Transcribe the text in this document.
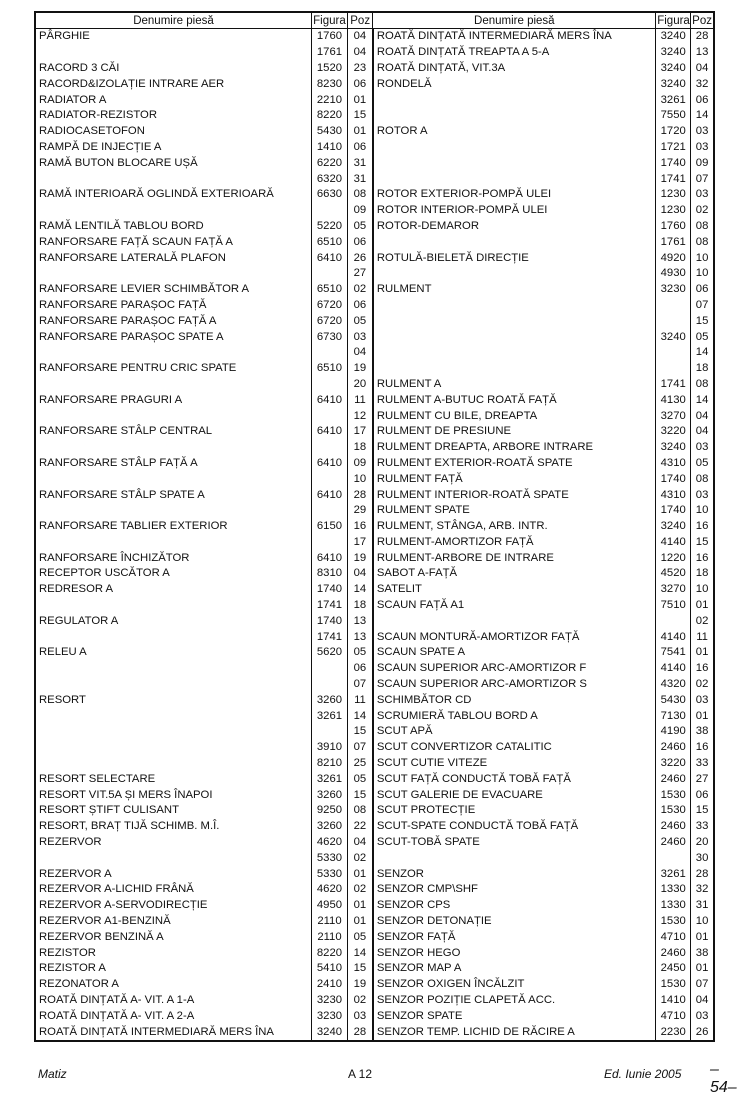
Denumire piesă	Figura	Poz	Denumire piesă	Figura	Poz
PÂRGHIE	1760	04	ROATĂ DINȚATĂ INTERMEDIARĂ MERS ÎNA	3240	28
	1761	04	ROATĂ DINȚATĂ TREAPTA A 5-A	3240	13
RACORD 3 CĂI	1520	23	ROATĂ DINȚATĂ, VIT.3A	3240	04
RACORD&IZOLAȚIE INTRARE AER	8230	06	RONDELĂ	3240	32
RADIATOR A	2210	01		3261	06
RADIATOR-REZISTOR	8220	15		7550	14
RADIOCASETOFON	5430	01	ROTOR A	1720	03
RAMPĂ DE INJECȚIE A	1410	06		1721	03
RAMĂ BUTON BLOCARE UȘĂ	6220	31		1740	09
	6320	31		1741	07
RAMĂ INTERIOARĂ OGLINDĂ EXTERIOARĂ	6630	08	ROTOR EXTERIOR-POMPĂ ULEI	1230	03
		09	ROTOR INTERIOR-POMPĂ ULEI	1230	02
RAMĂ LENTILĂ TABLOU BORD	5220	05	ROTOR-DEMAROR	1760	08
RANFORSARE FAȚĂ SCAUN FAȚĂ A	6510	06		1761	08
RANFORSARE LATERALĂ PLAFON	6410	26	ROTULĂ-BIELETĂ DIRECȚIE	4920	10
		27		4930	10
RANFORSARE LEVIER SCHIMBĂTOR A	6510	02	RULMENT	3230	06
RANFORSARE PARAȘOC FAȚĂ	6720	06			07
RANFORSARE PARAȘOC FAȚĂ A	6720	05			15
RANFORSARE PARAȘOC SPATE A	6730	03		3240	05
		04			14
RANFORSARE PENTRU CRIC SPATE	6510	19			18
		20	RULMENT A	1741	08
RANFORSARE PRAGURI A	6410	11	RULMENT A-BUTUC ROATĂ FAȚĂ	4130	14
		12	RULMENT CU BILE, DREAPTA	3270	04
RANFORSARE STÂLP CENTRAL	6410	17	RULMENT DE PRESIUNE	3220	04
		18	RULMENT DREAPTA, ARBORE INTRARE	3240	03
RANFORSARE STÂLP FAȚĂ A	6410	09	RULMENT EXTERIOR-ROATĂ SPATE	4310	05
		10	RULMENT FAȚĂ	1740	08
RANFORSARE STÂLP SPATE A	6410	28	RULMENT INTERIOR-ROATĂ SPATE	4310	03
		29	RULMENT SPATE	1740	10
RANFORSARE TABLIER EXTERIOR	6150	16	RULMENT, STÂNGA, ARB. INTR.	3240	16
		17	RULMENT-AMORTIZOR FAȚĂ	4140	15
RANFORSARE ÎNCHIZĂTOR	6410	19	RULMENT-ARBORE DE INTRARE	1220	16
RECEPTOR USCĂTOR A	8310	04	SABOT A-FAȚĂ	4520	18
REDRESOR A	1740	14	SATELIT	3270	10
	1741	18	SCAUN FAȚĂ A1	7510	01
REGULATOR A	1740	13			02
	1741	13	SCAUN MONTURĂ-AMORTIZOR FAȚĂ	4140	11
RELEU A	5620	05	SCAUN SPATE A	7541	01
		06	SCAUN SUPERIOR ARC-AMORTIZOR F	4140	16
		07	SCAUN SUPERIOR ARC-AMORTIZOR S	4320	02
RESORT	3260	11	SCHIMBĂTOR CD	5430	03
	3261	14	SCRUMIERĂ TABLOU BORD A	7130	01
		15	SCUT APĂ	4190	38
	3910	07	SCUT CONVERTIZOR CATALITIC	2460	16
	8210	25	SCUT CUTIE VITEZE	3220	33
RESORT SELECTARE	3261	05	SCUT FAȚĂ CONDUCTĂ TOBĂ FAȚĂ	2460	27
RESORT VIT.5A ȘI MERS ÎNAPOI	3260	15	SCUT GALERIE DE EVACUARE	1530	06
RESORT ȘTIFT CULISANT	9250	08	SCUT PROTECȚIE	1530	15
RESORT, BRAȚ TIJĂ SCHIMB. M.Î.	3260	22	SCUT-SPATE CONDUCTĂ TOBĂ FAȚĂ	2460	33
REZERVOR	4620	04	SCUT-TOBĂ SPATE	2460	20
	5330	02			30
REZERVOR A	5330	01	SENZOR	3261	28
REZERVOR A-LICHID FRÂNĂ	4620	02	SENZOR CMP\SHF	1330	32
REZERVOR A-SERVODIRECȚIE	4950	01	SENZOR CPS	1330	31
REZERVOR A1-BENZINĂ	2110	01	SENZOR DETONAȚIE	1530	10
REZERVOR BENZINĂ A	2110	05	SENZOR FAȚĂ	4710	01
REZISTOR	8220	14	SENZOR HEGO	2460	38
REZISTOR A	5410	15	SENZOR MAP A	2450	01
REZONATOR A	2410	19	SENZOR OXIGEN ÎNCĂLZIT	1530	07
ROATĂ DINȚATĂ A- VIT. A 1-A	3230	02	SENZOR POZIȚIE CLAPETĂ ACC.	1410	04
ROATĂ DINȚATĂ A- VIT. A 2-A	3230	03	SENZOR SPATE	4710	03
ROATĂ DINȚATĂ INTERMEDIARĂ MERS ÎNA	3240	28	SENZOR TEMP. LICHID DE RĂCIRE A	2230	26
Matiz	A 12	Ed. Iunie 2005 –54–
